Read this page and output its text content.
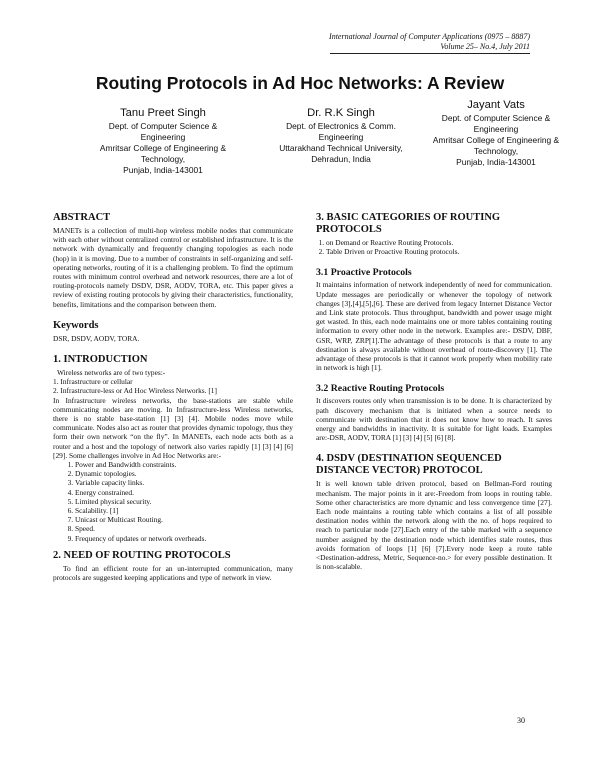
International Journal of Computer Applications (0975 – 8887)
Volume 25– No.4, July 2011
Routing Protocols in Ad Hoc Networks: A Review
Tanu Preet Singh
Dept. of Computer Science &
Engineering
Amritsar College of Engineering &
Technology,
Punjab, India-143001
Dr. R.K Singh
Dept. of Electronics & Comm.
Engineering
Uttarakhand Technical University,
Dehradun, India
Jayant Vats
Dept. of Computer Science &
Engineering
Amritsar College of Engineering &
Technology,
Punjab, India-143001
ABSTRACT

MANETs is a collection of multi-hop wireless mobile nodes that communicate with each other without centralized control or established infrastructure. It is the network with dynamically and frequently changing topologies as each node (hop) in it is moving. Due to a number of constraints in self-organizing and self-operating networks, routing of it is a challenging problem. To find the optimum routes with minimum control overhead and network resources, there are a lot of routing-protocols namely DSDV, DSR, AODV, TORA, etc. This paper gives a review of existing routing protocols by giving their characteristics, functionality, benefits, limitations and the comparison between them.

Keywords

DSR, DSDV, AODV, TORA.

1. INTRODUCTION

Wireless networks are of two types:-

1. Infrastructure or cellular

2. Infrastructure-less or Ad Hoc Wireless Networks. [1]

In Infrastructure wireless networks, the base-stations are stable while communicating nodes are moving. In Infrastructure-less Wireless networks, there is no stable base-station [1] [3] [4]. Mobile nodes move while communicate. Nodes also act as router that provides dynamic topology, thus they form their own network “on the fly”. In MANETs, each node acts both as a router and a host and the topology of network also varies rapidly [1] [3] [4] [6] [29]. Some challenges involve in Ad Hoc Networks are:-

1. Power and Bandwidth constraints.
2. Dynamic topologies.
3. Variable capacity links.
4. Energy constrained.
5. Limited physical security.
6. Scalability. [1]
7. Unicast or Multicast Routing.
8. Speed.
9. Frequency of updates or network overheads.
2. NEED OF ROUTING PROTOCOLS

To find an efficient route for an un-interrupted communication, many protocols are suggested keeping applications and type of network in view.

3. BASIC CATEGORIES OF ROUTING PROTOCOLS
1. on Demand or Reactive Routing Protocols.
2. Table Driven or Proactive Routing protocols.
3.1 Proactive Protocols

It maintains information of network independently of need for communication. Update messages are periodically or whenever the topology of network changes [3],[4],[5],[6]. These are derived from legacy Internet Distance Vector and Link state protocols. Thus throughput, bandwidth and power usage might get wasted. In this, each node maintains one or more tables containing routing information to every other node in the network. Examples are:- DSDV, DBF, GSR, WRP, ZRP[1].The advantage of these protocols is that a route to any destination is always available without overhead of route-discovery [1]. The advantage of these protocols is that it cannot work properly when mobility rate in network is high [1].

3.2 Reactive Routing Protocols

It discovers routes only when transmission is to be done. It is characterized by path discovery mechanism that is initiated when a source needs to communicate with destination that it does not know how to reach. It saves energy and bandwidths in inactivity. It is suitable for light loads. Examples are:-DSR, AODV, TORA [1] [3] [4] [5] [6] [8].

4. DSDV (DESTINATION SEQUENCED DISTANCE VECTOR) PROTOCOL

It is well known table driven protocol, based on Bellman-Ford routing mechanism. The major points in it are:-Freedom from loops in routing table. Some other characteristics are more dynamic and less convergence time [27]. Each node maintains a routing table which contains a list of all possible destination nodes within the network along with the no. of hops required to reach to particular node [27].Each entry of the table marked with a sequence number assigned by the destination node which identifies stale routes, thus avoids formation of loops [1] [6] [7].Every node keep a route table <Destination-address, Metric, Sequence-no.> for every possible destination. It is non-scalable.

30
